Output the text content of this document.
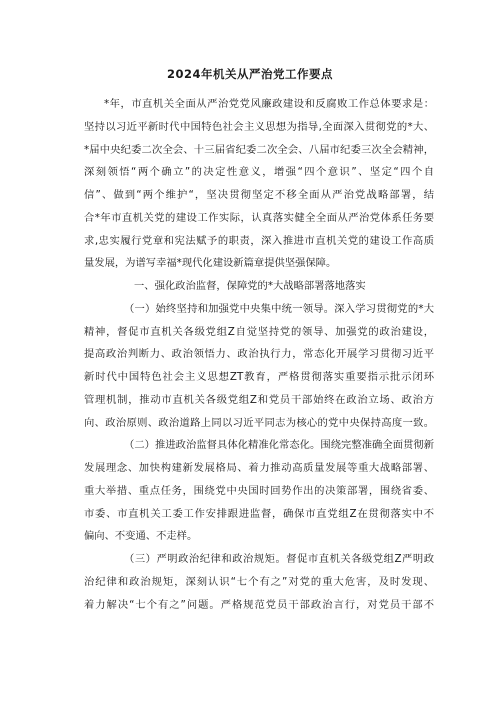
2024年机关从严治党工作要点
*年，市直机关全面从严治党党风廉政建设和反腐败工作总体要求是：
坚持以习近平新时代中国特色社会主义思想为指导,全面深入贯彻党的*大、
*届中央纪委二次全会、十三届省纪委二次全会、八届市纪委三次全会精神，
深刻领悟“两个确立”的决定性意义，增强“四个意识”、坚定“四个自
信”、做到“两个维护“，坚决贯彻坚定不移全面从严治党战略部署，结
合*年市直机关党的建设工作实际，认真落实健全全面从严治党体系任务要
求,忠实履行党章和宪法赋予的职责，深入推进市直机关党的建设工作高质
量发展，为谱写幸福*现代化建设新篇章提供坚强保障。
一、强化政治监督，保障党的*大战略部署落地落实
（一）始终坚持和加强党中央集中统一领导。深入学习贯彻党的*大
精神，督促市直机关各级党组Z自觉坚持党的领导、加强党的政治建设，
提高政治判断力、政治领悟力、政治执行力，常态化开展学习贯彻习近平
新时代中国特色社会主义思想ZT教育，严格贯彻落实重要指示批示闭环
管理机制，推动市直机关各级党组Z和党员干部始终在政治立场、政治方
向、政治原则、政治道路上同以习近平同志为核心的党中央保持高度一致。
（二）推进政治监督具体化精准化常态化。围绕完整准确全面贯彻新
发展理念、加快构建新发展格局、着力推动高质量发展等重大战略部署、
重大举措、重点任务，围绕党中央国时回势作出的决策部署，围绕省委、
市委、市直机关工委工作安排跟进监督，确保市直党组Z在贯彻落实中不
偏向、不变通、不走样。
（三）严明政治纪律和政治规矩。督促市直机关各级党组Z严明政
治纪律和政治规矩，深刻认识“七个有之”对党的重大危害，及时发现、
着力解决“七个有之”问题。严格规范党员干部政治言行，对党员干部不
